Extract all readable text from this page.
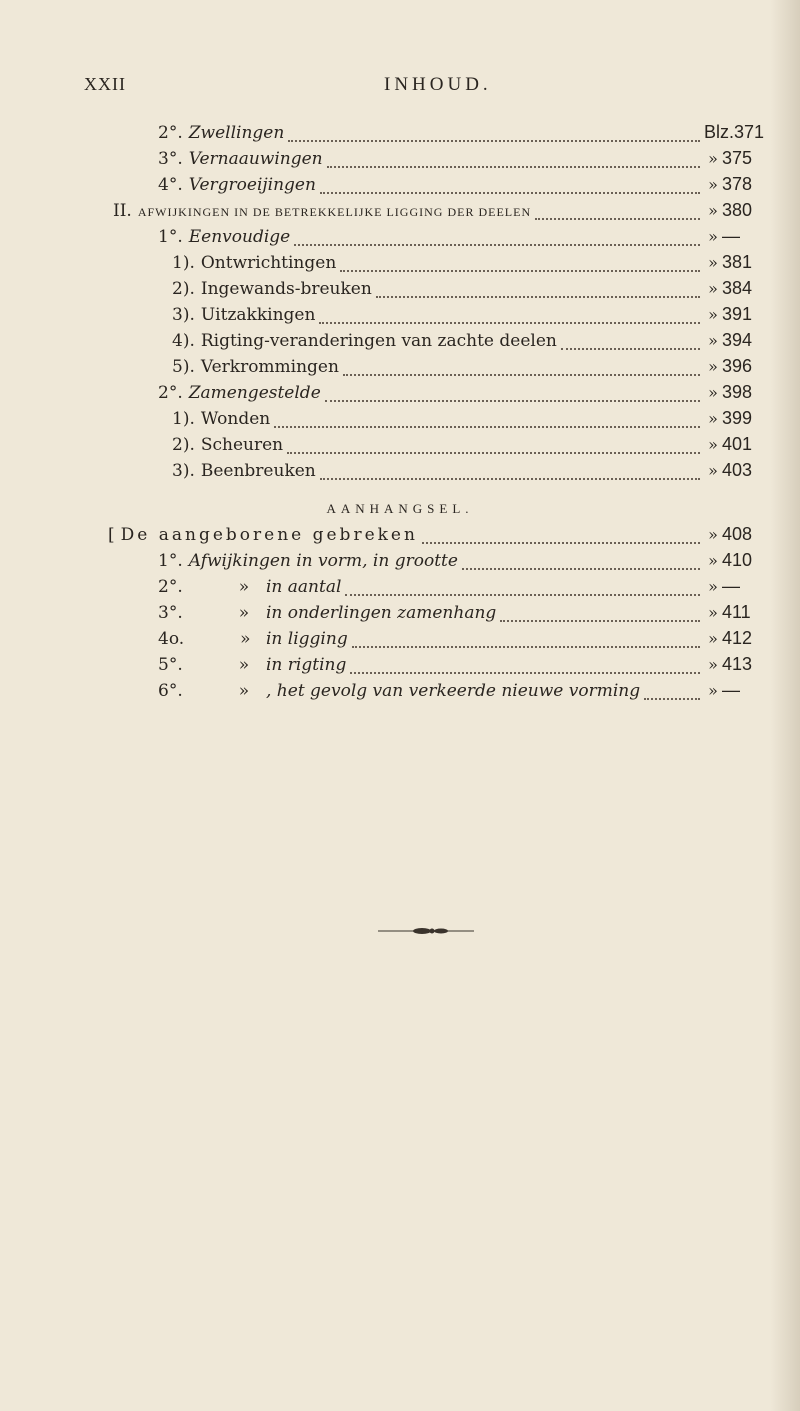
XXII	INHOUD.
2°. Zwellingen	Blz.371
3°. Vernaauwingen	» 375
4°. Vergroeijingen	» 378
II. AFWIJKINGEN IN DE BETREKKELIJKE LIGGING DER DEELEN	» 380
1°. Eenvoudige	» —
1). Ontwrichtingen	» 381
2). Ingewands-breuken	» 384
3). Uitzakkingen	» 391
4). Rigting-veranderingen van zachte deelen	» 394
5). Verkrommingen	» 396
2°. Zamengestelde	» 398
1). Wonden	» 399
2). Scheuren	» 401
3). Beenbreuken	» 403
AANHANGSEL.
[ De aangeborene gebreken	» 408
1°. Afwijkingen in vorm, in grootte	» 410
2°.	» in aantal	» —
3°.	» in onderlingen zamenhang	» 411
4o.	» in ligging	» 412
5°.	» in rigting	» 413
6°.	» , het gevolg van verkeerde nieuwe vorming	» —
